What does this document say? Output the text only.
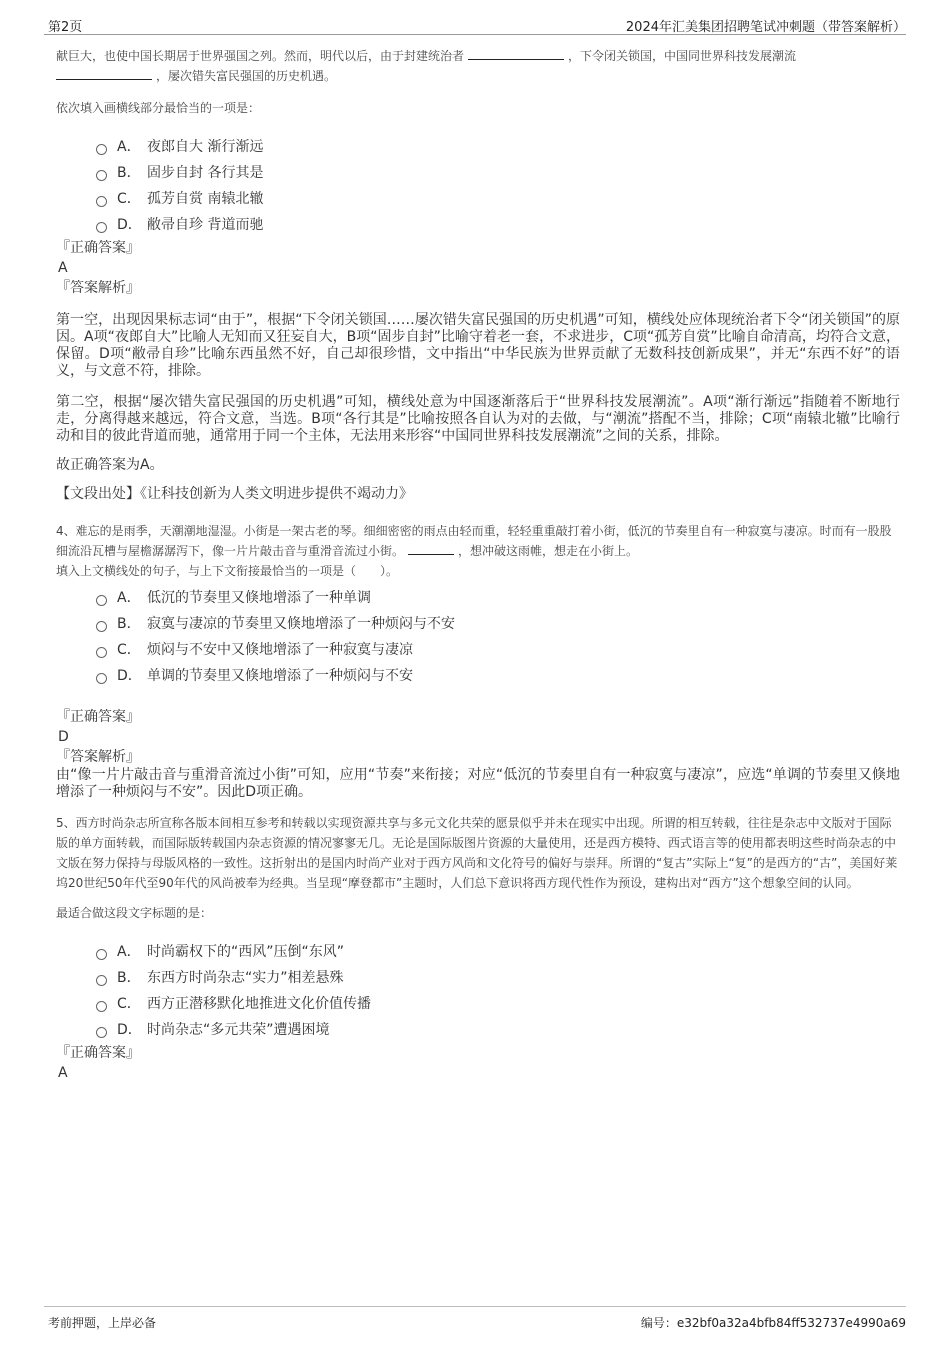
第2页	2024年汇美集团招聘笔试冲刺题（带答案解析）

献巨大，也使中国长期居于世界强国之列。然而，明代以后，由于封建统治者	，下令闭关锁国，中国同世界科技发展潮流
，屡次错失富民强国的历史机遇。

依次填入画横线部分最恰当的一项是：

A． 夜郎自大 渐行渐远
B． 固步自封 各行其是
C． 孤芳自赏 南辕北辙
D． 敝帚自珍 背道而驰

『正确答案』

A

『答案解析』

第一空，出现因果标志词“由于”，根据“下令闭关锁国……屡次错失富民强国的历史机遇”可知，横线处应体现统治者下令“闭关锁国”的原因。A项“夜郎自大”比喻人无知而又狂妄自大，B项“固步自封”比喻守着老一套，不求进步，C项“孤芳自赏”比喻自命清高，均符合文意，保留。D项“敝帚自珍”比喻东西虽然不好，自己却很珍惜，文中指出“中华民族为世界贡献了无数科技创新成果”，并无“东西不好”的语义，与文意不符，排除。

第二空，根据“屡次错失富民强国的历史机遇”可知，横线处意为中国逐渐落后于“世界科技发展潮流”。A项“渐行渐远”指随着不断地行走，分离得越来越远，符合文意，当选。B项“各行其是”比喻按照各自认为对的去做，与“潮流”搭配不当，排除；C项“南辕北辙”比喻行动和目的彼此背道而驰，通常用于同一个主体，无法用来形容“中国同世界科技发展潮流”之间的关系，排除。

故正确答案为A。

【文段出处】《让科技创新为人类文明进步提供不竭动力》

4、难忘的是雨季，天潮潮地湿湿。小街是一架古老的琴。细细密密的雨点由轻而重，轻轻重重敲打着小街，低沉的节奏里自有一种寂寞与凄凉。时而有一股股细流沿瓦槽与屋檐潺潺泻下，像一片片敲击音与重滑音流过小街。	，想冲破这雨帷，想走在小街上。

填入上文横线处的句子，与上下文衔接最恰当的一项是（　　）。

A． 低沉的节奏里又倏地增添了一种单调
B． 寂寞与凄凉的节奏里又倏地增添了一种烦闷与不安
C． 烦闷与不安中又倏地增添了一种寂寞与凄凉
D． 单调的节奏里又倏地增添了一种烦闷与不安

『正确答案』

D

『答案解析』

由“像一片片敲击音与重滑音流过小街”可知，应用“节奏”来衔接；对应“低沉的节奏里自有一种寂寞与凄凉”，应选“单调的节奏里又倏地增添了一种烦闷与不安”。因此D项正确。

5、西方时尚杂志所宣称各版本间相互参考和转载以实现资源共享与多元文化共荣的愿景似乎并未在现实中出现。所谓的相互转载，往往是杂志中文版对于国际版的单方面转载，而国际版转载国内杂志资源的情况寥寥无几。无论是国际版图片资源的大量使用，还是西方模特、西式语言等的使用都表明这些时尚杂志的中文版在努力保持与母版风格的一致性。这折射出的是国内时尚产业对于西方风尚和文化符号的偏好与崇拜。所谓的“复古”实际上“复”的是西方的“古”，美国好莱坞20世纪50年代至90年代的风尚被奉为经典。当呈现“摩登都市”主题时，人们总下意识将西方现代性作为预设，建构出对“西方”这个想象空间的认同。

最适合做这段文字标题的是：

A． 时尚霸权下的“西风”压倒“东风”
B． 东西方时尚杂志“实力”相差悬殊
C． 西方正潜移默化地推进文化价值传播
D． 时尚杂志“多元共荣”遭遇困境

『正确答案』

A

考前押题，上岸必备	编号：e32bf0a32a4bfb84ff532737e4990a69
